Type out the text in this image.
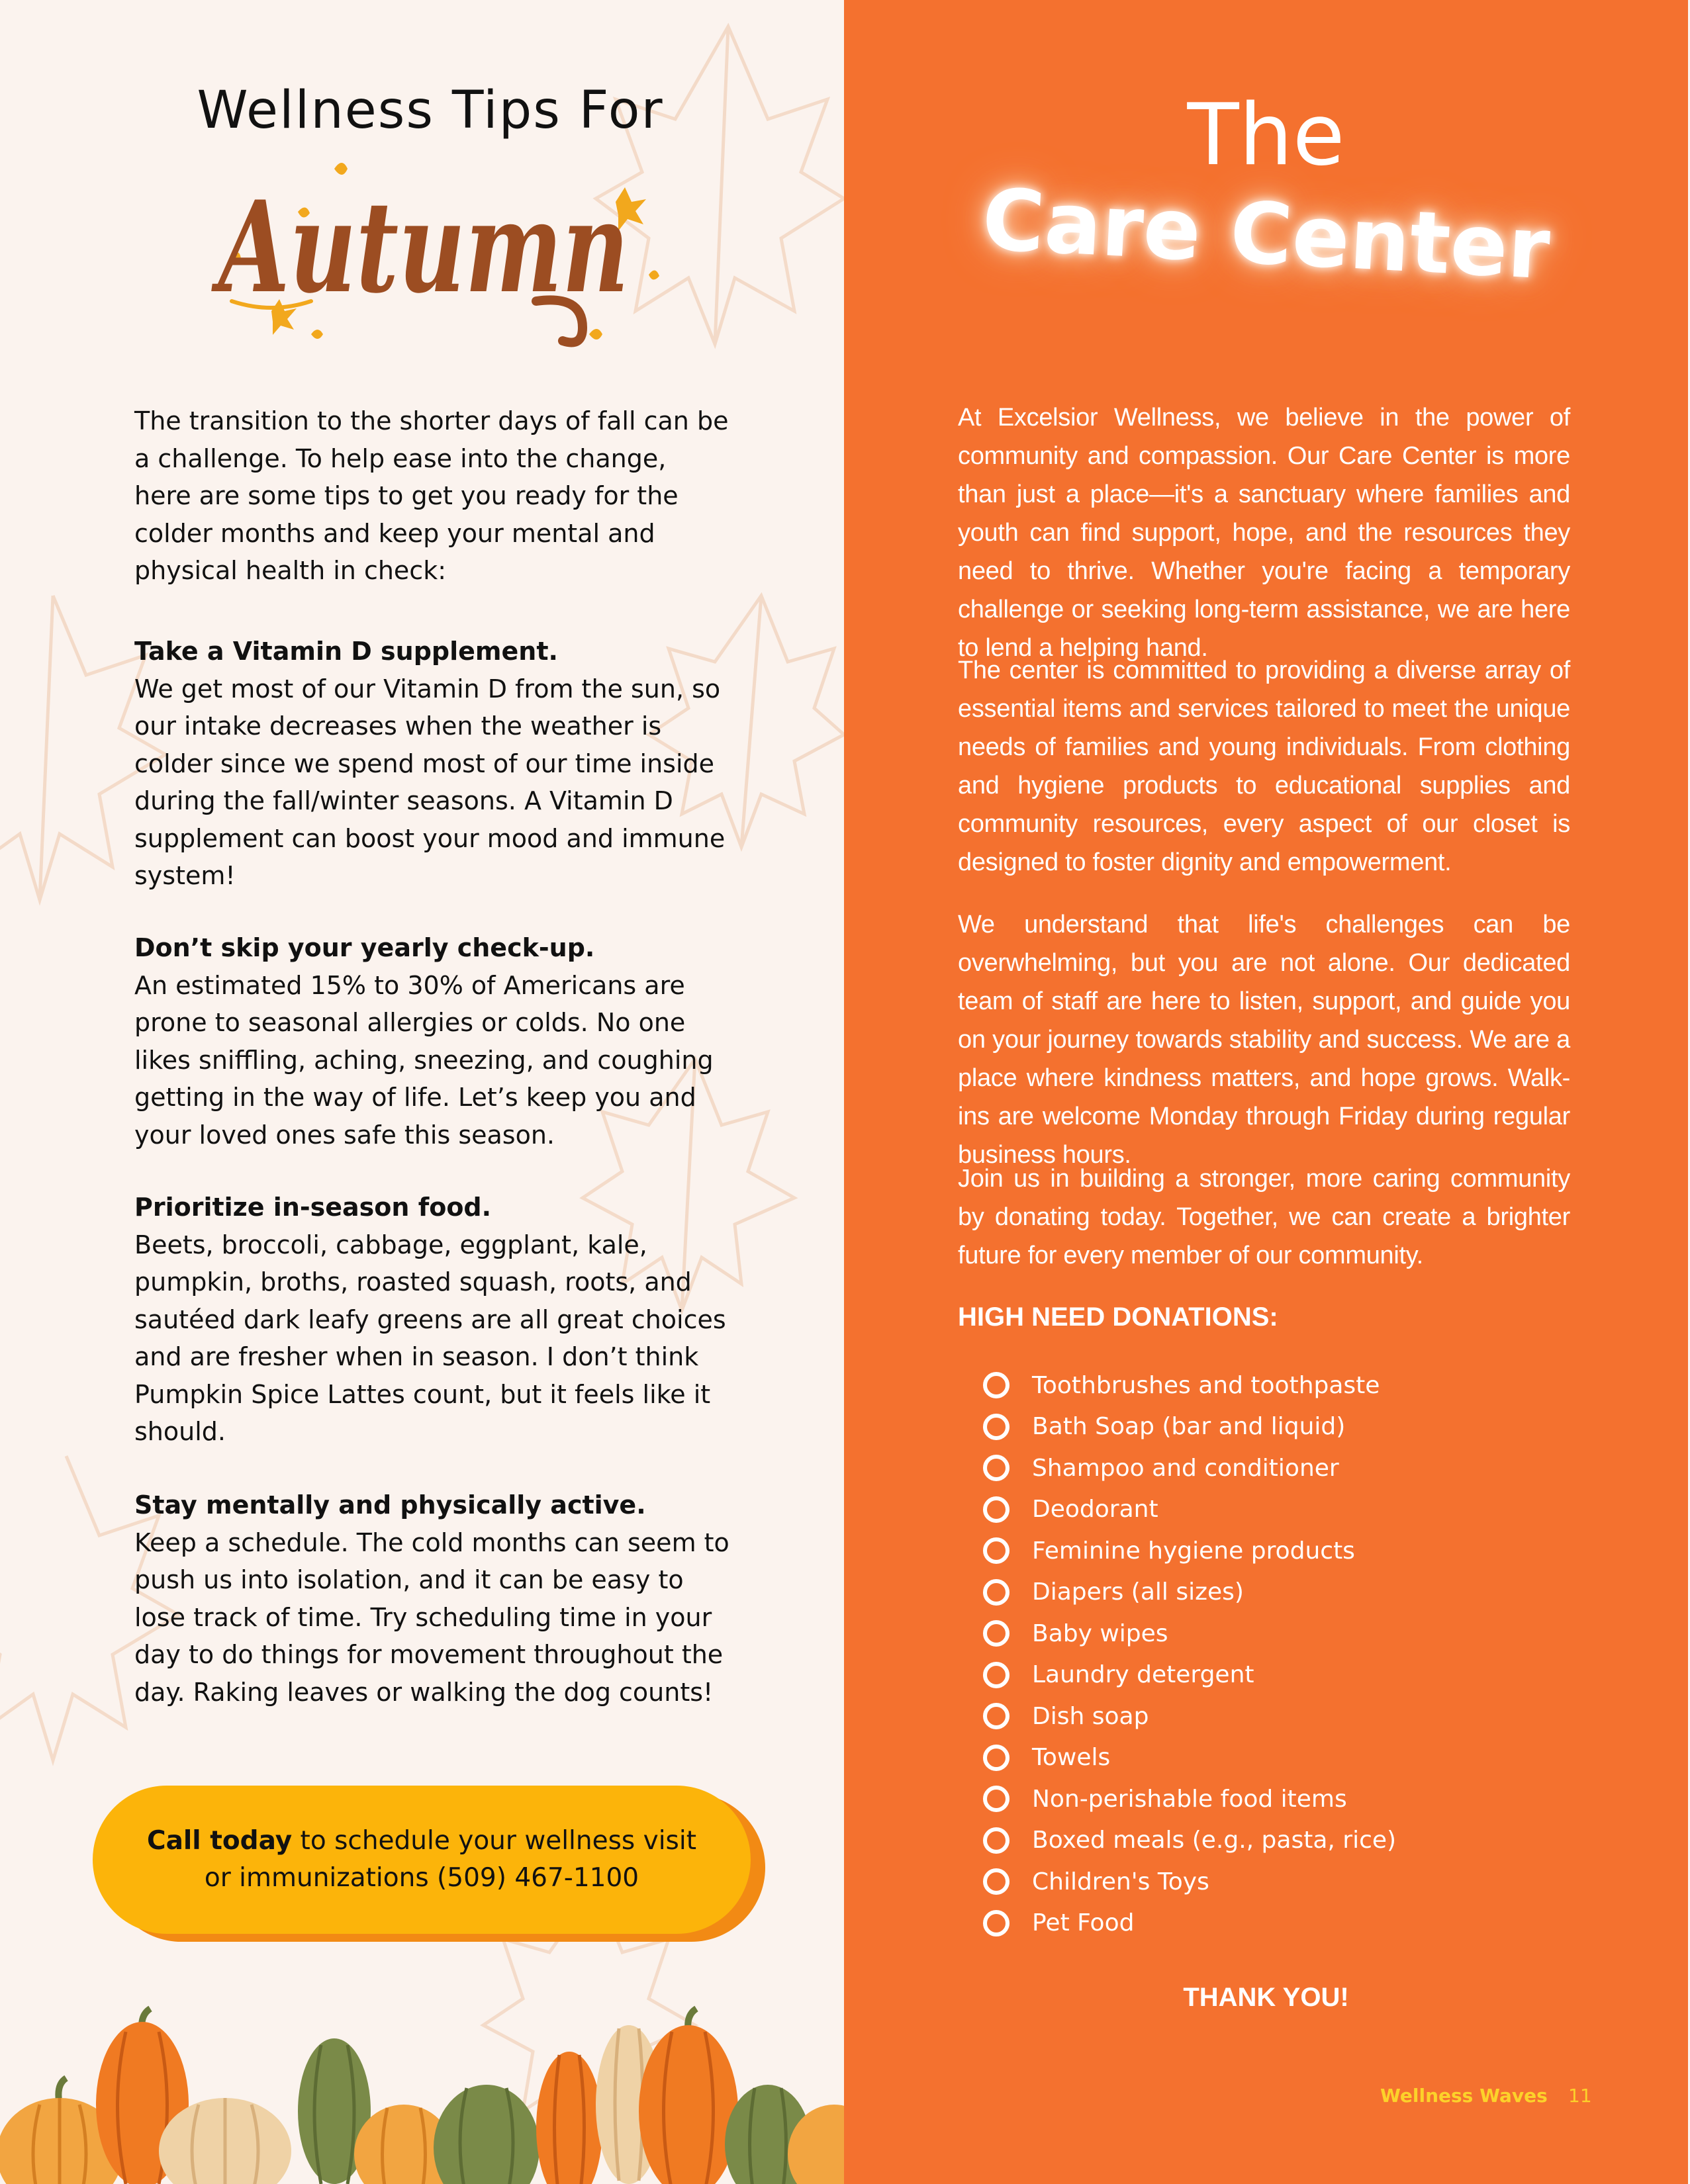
Wellness Tips For
Autumn

The transition to the shorter days of fall can be a challenge. To help ease into the change, here are some tips to get you ready for the colder months and keep your mental and physical health in check:

Take a Vitamin D supplement.
We get most of our Vitamin D from the sun, so our intake decreases when the weather is colder since we spend most of our time inside during the fall/winter seasons. A Vitamin D supplement can boost your mood and immune system!
Don’t skip your yearly check-up.
An estimated 15% to 30% of Americans are prone to seasonal allergies or colds. No one likes sniffling, aching, sneezing, and coughing getting in the way of life. Let’s keep you and your loved ones safe this season.
Prioritize in-season food.
Beets, broccoli, cabbage, eggplant, kale, pumpkin, broths, roasted squash, roots, and sautéed dark leafy greens are all great choices and are fresher when in season. I don’t think Pumpkin Spice Lattes count, but it feels like it should.
Stay mentally and physically active.
Keep a schedule. The cold months can seem to push us into isolation, and it can be easy to lose track of time. Try scheduling time in your day to do things for movement throughout the day. Raking leaves or walking the dog counts!

Call today to schedule your wellness visit
or immunizations (509) 467-1100

The
Care Center

At Excelsior Wellness, we believe in the power of community and compassion. Our Care Center is more than just a place—it's a sanctuary where families and youth can find support, hope, and the resources they need to thrive. Whether you're facing a temporary challenge or seeking long-term assistance, we are here to lend a helping hand.

The center is committed to providing a diverse array of essential items and services tailored to meet the unique needs of families and young individuals. From clothing and hygiene products to educational supplies and community resources, every aspect of our closet is designed to foster dignity and empowerment.

We understand that life's challenges can be overwhelming, but you are not alone. Our dedicated team of staff are here to listen, support, and guide you on your journey towards stability and success. We are a place where kindness matters, and hope grows. Walk-ins are welcome Monday through Friday during regular business hours.

Join us in building a stronger, more caring community by donating today. Together, we can create a brighter future for every member of our community.

HIGH NEED DONATIONS:
Toothbrushes and toothpaste
Bath Soap (bar and liquid)
Shampoo and conditioner
Deodorant
Feminine hygiene products
Diapers (all sizes)
Baby wipes
Laundry detergent
Dish soap
Towels
Non-perishable food items
Boxed meals (e.g., pasta, rice)
Children's Toys
Pet Food

THANK YOU!

Wellness Waves 11
